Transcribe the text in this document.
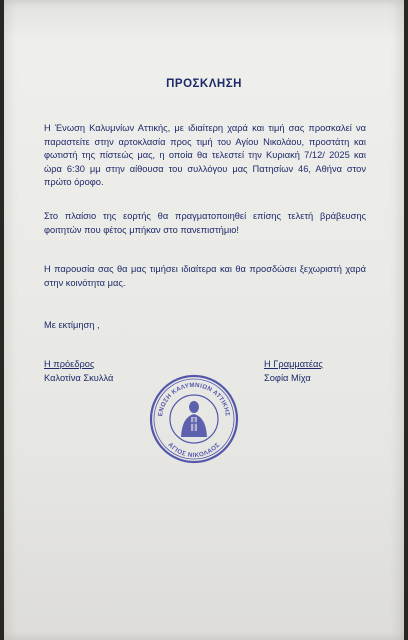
ΠΡΟΣΚΛΗΣΗ
Η Ένωση Καλυμνίων Αττικής, με ιδιαίτερη χαρά και τιμή σας προσκαλεί να παραστείτε στην αρτοκλασία προς τιμή του Αγίου Νικολάου, προστάτη και φωτιστή της πίστεώς μας, η οποία θα τελεστεί την Κυριακή 7/12/ 2025 και ώρα 6:30 μμ στην αίθουσα του συλλόγου μας Πατησίων 46, Αθήνα στον πρώτο όροφο.
Στο πλαίσιο της εορτής θα πραγματοποιηθεί επίσης τελετή βράβευσης φοιτητών που φέτος μπήκαν στο πανεπιστήμιο!
Η παρουσία σας θα μας τιμήσει ιδιαίτερα και θα προσδώσει ξεχωριστή χαρά στην κοινότητα μας.
Με εκτίμηση ,
Η πρόεδρος
Καλοτίνα Σκυλλά
Η Γραμματέας
Σοφία Μίχα
ΕΝΩΣΗ ΚΑΛΥΜΝΙΩΝ ΑΤΤΙΚΗΣ
ΑΓΙΟΣ ΝΙΚΟΛΑΟΣ
